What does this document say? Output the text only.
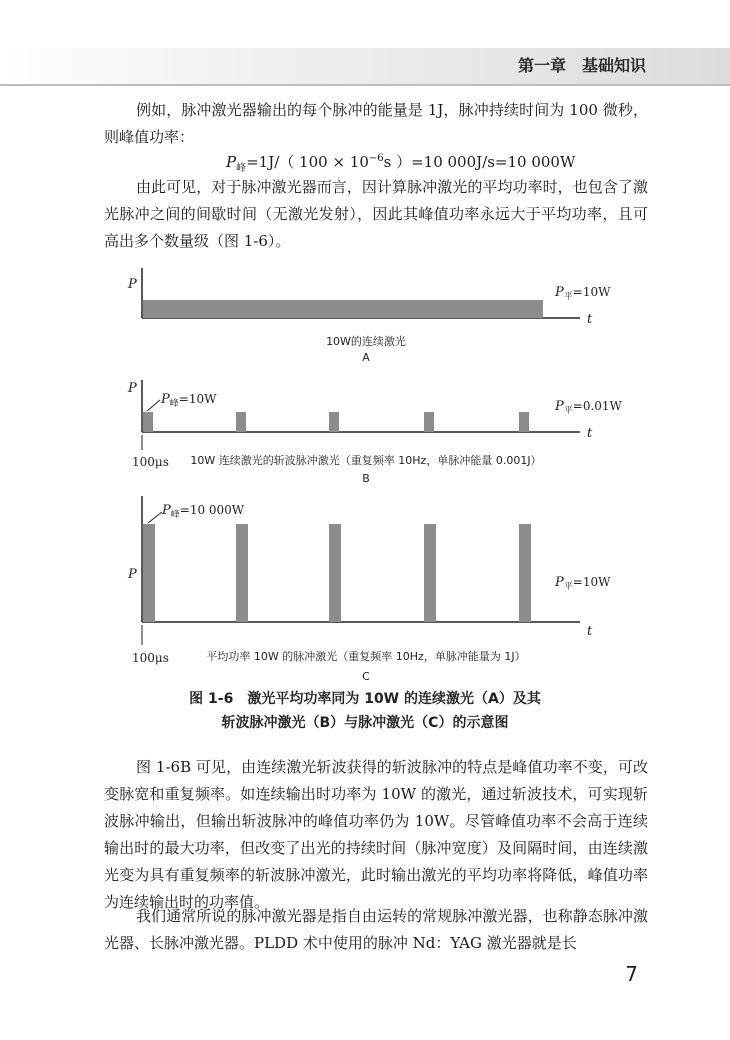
第一章　基础知识

例如，脉冲激光器输出的每个脉冲的能量是 1J，脉冲持续时间为 100 微秒，则峰值功率：

$P_峰=1J/$（ $100 \times 10^{-6}s$ ）=10 000J/s=10 000W

由此可见，对于脉冲激光器而言，因计算脉冲激光的平均功率时，也包含了激光脉冲之间的间歇时间（无激光发射），因此其峰值功率永远大于平均功率，且可高出多个数量级（图 1-6）。

P
t
P平=10W
10W的连续激光
A
P
t
P峰=10W	P平=0.01W
100μs 10W 连续激光的斩波脉冲激光（重复频率 10Hz，单脉冲能量 0.001J）
B
P
t
P峰=10 000W
P平=10W
100μs	平均功率 10W 的脉冲激光（重复频率 10Hz，单脉冲能量为 1J）
C
图 1-6　激光平均功率同为 10W 的连续激光（A）及其
斩波脉冲激光（B）与脉冲激光（C）的示意图

图 1-6B 可见，由连续激光斩波获得的斩波脉冲的特点是峰值功率不变，可改变脉宽和重复频率。如连续输出时功率为 10W 的激光，通过斩波技术，可实现斩波脉冲输出，但输出斩波脉冲的峰值功率仍为 10W。尽管峰值功率不会高于连续输出时的最大功率，但改变了出光的持续时间（脉冲宽度）及间隔时间，由连续激光变为具有重复频率的斩波脉冲激光，此时输出激光的平均功率将降低，峰值功率为连续输出时的功率值。

我们通常所说的脉冲激光器是指自由运转的常规脉冲激光器，也称静态脉冲激光器、长脉冲激光器。PLDD 术中使用的脉冲 Nd：YAG 激光器就是长

7
